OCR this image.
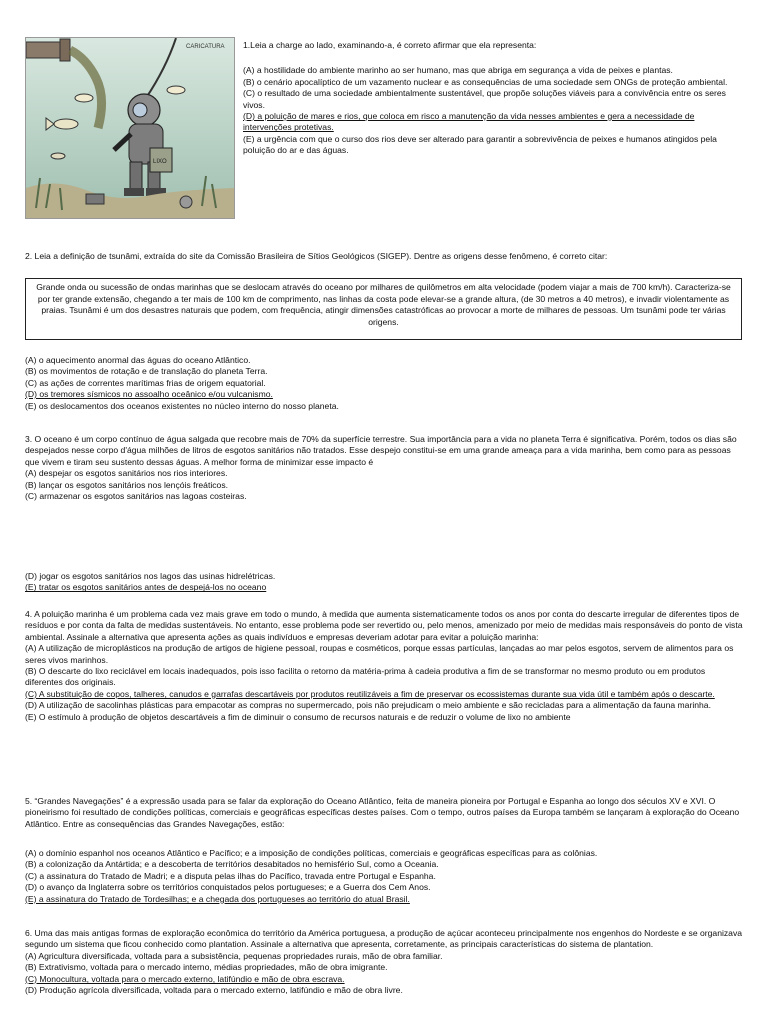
LIXO
CARICATURA 1.Leia a charge ao lado, examinando-a, é correto afirmar que ela representa:
(A) a hostilidade do ambiente marinho ao ser humano, mas que abriga em segurança a vida de peixes e plantas.
(B) o cenário apocalíptico de um vazamento nuclear e as consequências de uma sociedade sem ONGs de proteção ambiental.
(C) o resultado de uma sociedade ambientalmente sustentável, que propõe soluções viáveis para a convivência entre os seres vivos.
(D) a poluição de mares e rios, que coloca em risco a manutenção da vida nesses ambientes e gera a necessidade de intervenções protetivas.
(E) a urgência com que o curso dos rios deve ser alterado para garantir a sobrevivência de peixes e humanos atingidos pela poluição do ar e das águas.
2. Leia a definição de tsunâmi, extraída do site da Comissão Brasileira de Sítios Geológicos (SIGEP). Dentre as origens desse fenômeno, é correto citar:
Grande onda ou sucessão de ondas marinhas que se deslocam através do oceano por milhares de quilômetros em alta velocidade (podem viajar a mais de 700 km/h). Caracteriza-se por ter grande extensão, chegando a ter mais de 100 km de comprimento, nas linhas da costa pode elevar-se a grande altura, (de 30 metros a 40 metros), e invadir violentamente as praias. Tsunâmi é um dos desastres naturais que podem, com frequência, atingir dimensões catastróficas ao provocar a morte de milhares de pessoas. Um tsunâmi pode ter várias origens.
(A) o aquecimento anormal das águas do oceano Atlântico.
(B) os movimentos de rotação e de translação do planeta Terra.
(C) as ações de correntes marítimas frias de origem equatorial.
(D) os tremores sísmicos no assoalho oceânico e/ou vulcanismo.
(E) os deslocamentos dos oceanos existentes no núcleo interno do nosso planeta.
3. O oceano é um corpo contínuo de água salgada que recobre mais de 70% da superfície terrestre. Sua importância para a vida no planeta Terra é significativa. Porém, todos os dias são despejados nesse corpo d'água milhões de litros de esgotos sanitários não tratados. Esse despejo constitui-se em uma grande ameaça para a vida marinha, bem como para as pessoas que vivem e tiram seu sustento dessas águas. A melhor forma de minimizar esse impacto é
(A) despejar os esgotos sanitários nos rios interiores.
(B) lançar os esgotos sanitários nos lençóis freáticos.
(C) armazenar os esgotos sanitários nas lagoas costeiras.
(D) jogar os esgotos sanitários nos lagos das usinas hidrelétricas.
(E) tratar os esgotos sanitários antes de despejá-los no oceano
4. A poluição marinha é um problema cada vez mais grave em todo o mundo, à medida que aumenta sistematicamente todos os anos por conta do descarte irregular de diferentes tipos de resíduos e por conta da falta de medidas sustentáveis. No entanto, esse problema pode ser revertido ou, pelo menos, amenizado por meio de medidas mais responsáveis do ponto de vista ambiental. Assinale a alternativa que apresenta ações as quais indivíduos e empresas deveriam adotar para evitar a poluição marinha:
(A) A utilização de microplásticos na produção de artigos de higiene pessoal, roupas e cosméticos, porque essas partículas, lançadas ao mar pelos esgotos, servem de alimentos para os seres vivos marinhos.
(B) O descarte do lixo reciclável em locais inadequados, pois isso facilita o retorno da matéria-prima à cadeia produtiva a fim de se transformar no mesmo produto ou em produtos diferentes dos originais.
(C) A substituição de copos, talheres, canudos e garrafas descartáveis por produtos reutilizáveis a fim de preservar os ecossistemas durante sua vida útil e também após o descarte.
(D) A utilização de sacolinhas plásticas para empacotar as compras no supermercado, pois não prejudicam o meio ambiente e são recicladas para a alimentação da fauna marinha.
(E) O estímulo à produção de objetos descartáveis a fim de diminuir o consumo de recursos naturais e de reduzir o volume de lixo no ambiente
5. “Grandes Navegações” é a expressão usada para se falar da exploração do Oceano Atlântico, feita de maneira pioneira por Portugal e Espanha ao longo dos séculos XV e XVI. O pioneirismo foi resultado de condições políticas, comerciais e geográficas específicas destes países. Com o tempo, outros países da Europa também se lançaram à exploração do Oceano Atlântico. Entre as consequências das Grandes Navegações, estão:
(A) o domínio espanhol nos oceanos Atlântico e Pacífico; e a imposição de condições políticas, comerciais e geográficas específicas para as colônias.
(B) a colonização da Antártida; e a descoberta de territórios desabitados no hemisfério Sul, como a Oceania.
(C) a assinatura do Tratado de Madri; e a disputa pelas ilhas do Pacífico, travada entre Portugal e Espanha.
(D) o avanço da Inglaterra sobre os territórios conquistados pelos portugueses; e a Guerra dos Cem Anos.
(E) a assinatura do Tratado de Tordesilhas; e a chegada dos portugueses ao território do atual Brasil.
6. Uma das mais antigas formas de exploração econômica do território da América portuguesa, a produção de açúcar aconteceu principalmente nos engenhos do Nordeste e se organizava segundo um sistema que ficou conhecido como plantation. Assinale a alternativa que apresenta, corretamente, as principais características do sistema de plantation.
(A) Agricultura diversificada, voltada para a subsistência, pequenas propriedades rurais, mão de obra familiar.
(B) Extrativismo, voltada para o mercado interno, médias propriedades, mão de obra imigrante.
(C) Monocultura, voltada para o mercado externo, latifúndio e mão de obra escrava.
(D) Produção agrícola diversificada, voltada para o mercado externo, latifúndio e mão de obra livre.
